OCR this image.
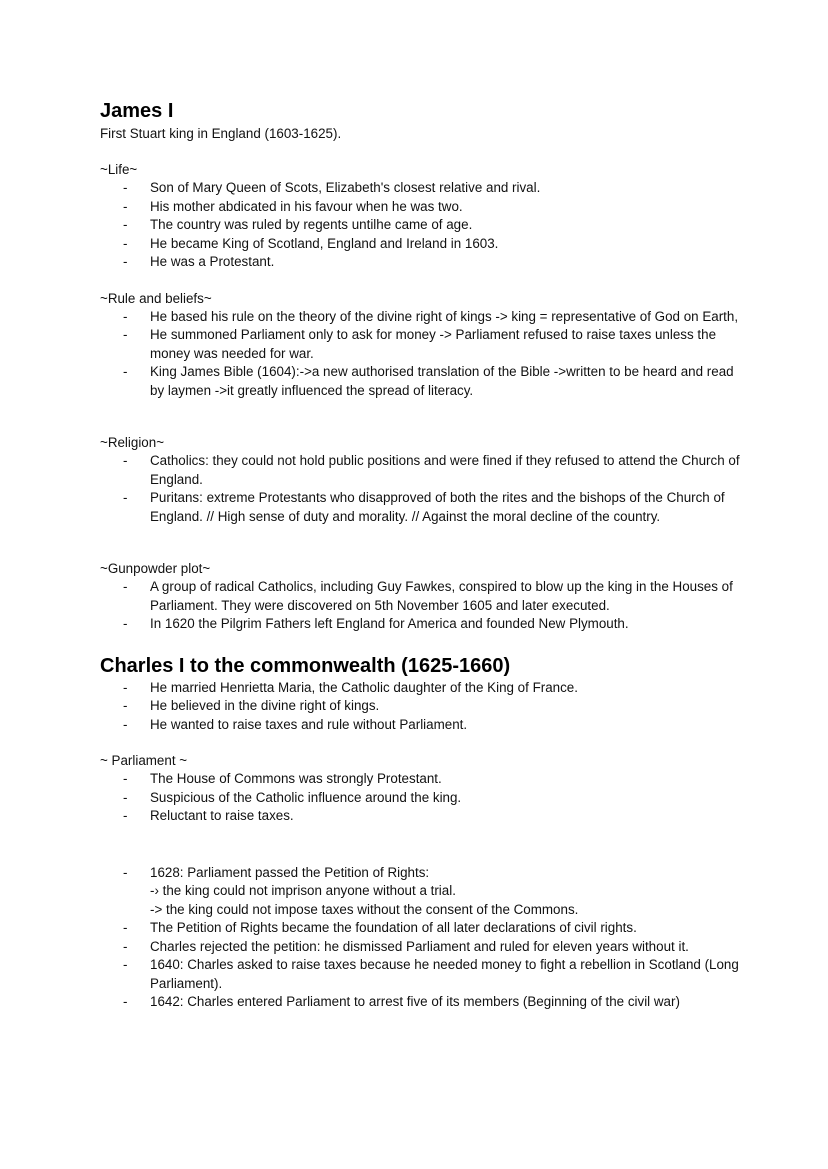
James I

First Stuart king in England (1603-1625).

~Life~

- Son of Mary Queen of Scots, Elizabeth's closest relative and rival.
- His mother abdicated in his favour when he was two.
- The country was ruled by regents untilhe came of age.
- He became King of Scotland, England and Ireland in 1603.
- He was a Protestant.

~Rule and beliefs~

- He based his rule on the theory of the divine right of kings -> king = representative of God on Earth,
- He summoned Parliament only to ask for money -> Parliament refused to raise taxes unless the money was needed for war.
- King James Bible (1604):->a new authorised translation of the Bible ->written to be heard and read by laymen ->it greatly influenced the spread of literacy.

~Religion~

- Catholics: they could not hold public positions and were fined if they refused to attend the Church of England.
- Puritans: extreme Protestants who disapproved of both the rites and the bishops of the Church of England. // High sense of duty and morality. // Against the moral decline of the country.

~Gunpowder plot~

- A group of radical Catholics, including Guy Fawkes, conspired to blow up the king in the Houses of Parliament. They were discovered on 5th November 1605 and later executed.
- In 1620 the Pilgrim Fathers left England for America and founded New Plymouth.
Charles I to the commonwealth (1625-1660)
- He married Henrietta Maria, the Catholic daughter of the King of France.
- He believed in the divine right of kings.
- He wanted to raise taxes and rule without Parliament.

~ Parliament ~

- The House of Commons was strongly Protestant.
- Suspicious of the Catholic influence around the king.
- Reluctant to raise taxes.
- 1628: Parliament passed the Petition of Rights:
-› the king could not imprison anyone without a trial.
-> the king could not impose taxes without the consent of the Commons.
- The Petition of Rights became the foundation of all later declarations of civil rights.
- Charles rejected the petition: he dismissed Parliament and ruled for eleven years without it.
- 1640: Charles asked to raise taxes because he needed money to fight a rebellion in Scotland (Long Parliament).
- 1642: Charles entered Parliament to arrest five of its members (Beginning of the civil war)
